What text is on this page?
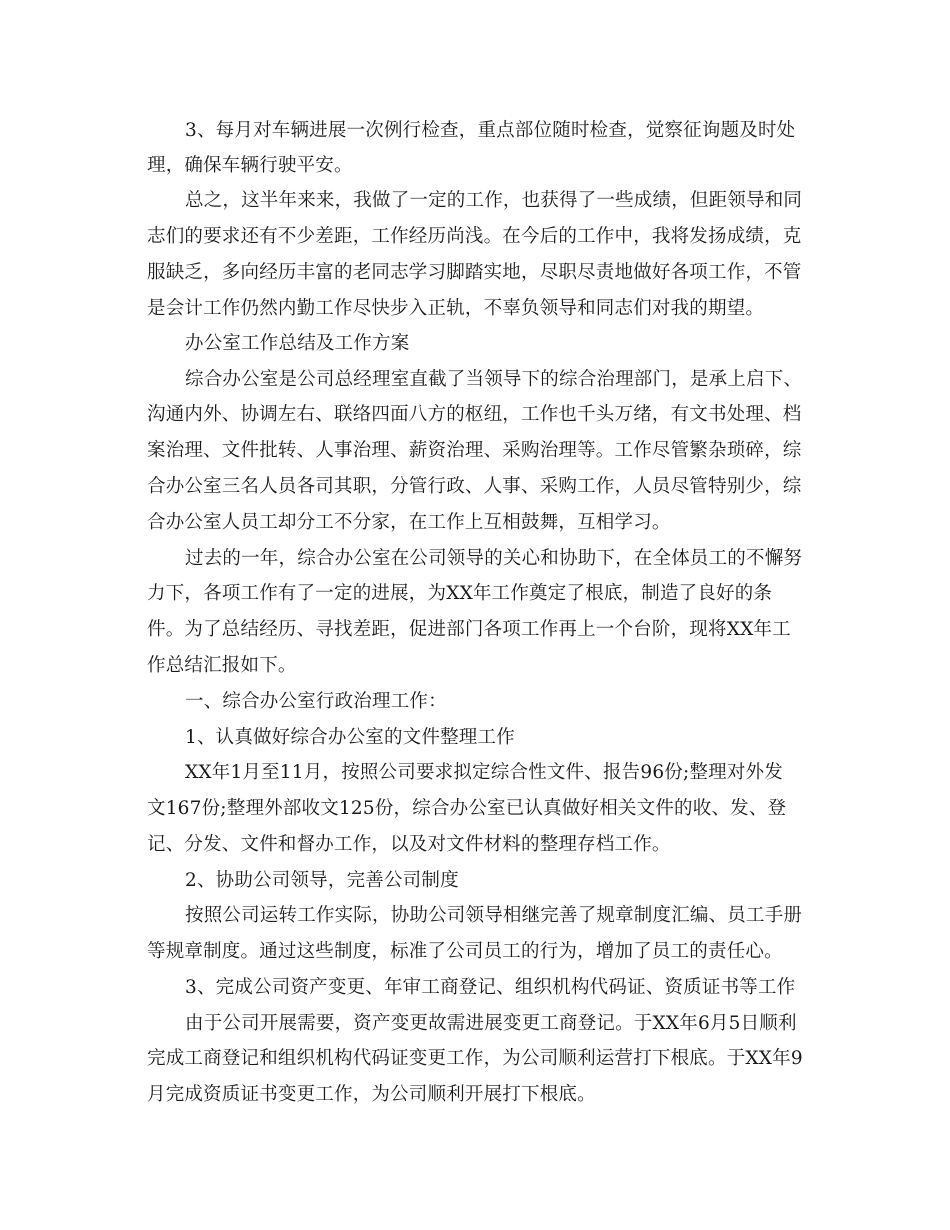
3、每月对车辆进展一次例行检查，重点部位随时检查，觉察征询题及时处
理，确保车辆行驶平安。
总之，这半年来来，我做了一定的工作，也获得了一些成绩，但距领导和同
志们的要求还有不少差距，工作经历尚浅。在今后的工作中，我将发扬成绩，克
服缺乏，多向经历丰富的老同志学习脚踏实地，尽职尽责地做好各项工作，不管
是会计工作仍然内勤工作尽快步入正轨，不辜负领导和同志们对我的期望。
办公室工作总结及工作方案
综合办公室是公司总经理室直截了当领导下的综合治理部门，是承上启下、
沟通内外、协调左右、联络四面八方的枢纽，工作也千头万绪，有文书处理、档
案治理、文件批转、人事治理、薪资治理、采购治理等。工作尽管繁杂琐碎，综
合办公室三名人员各司其职，分管行政、人事、采购工作，人员尽管特别少，综
合办公室人员工却分工不分家，在工作上互相鼓舞，互相学习。
过去的一年，综合办公室在公司领导的关心和协助下，在全体员工的不懈努
力下，各项工作有了一定的进展，为XX年工作奠定了根底，制造了良好的条
件。为了总结经历、寻找差距，促进部门各项工作再上一个台阶，现将XX年工
作总结汇报如下。
一、综合办公室行政治理工作：
1、认真做好综合办公室的文件整理工作
XX年1月至11月，按照公司要求拟定综合性文件、报告96份;整理对外发
文167份;整理外部收文125份，综合办公室已认真做好相关文件的收、发、登
记、分发、文件和督办工作，以及对文件材料的整理存档工作。
2、协助公司领导，完善公司制度
按照公司运转工作实际，协助公司领导相继完善了规章制度汇编、员工手册
等规章制度。通过这些制度，标准了公司员工的行为，增加了员工的责任心。
3、完成公司资产变更、年审工商登记、组织机构代码证、资质证书等工作
由于公司开展需要，资产变更故需进展变更工商登记。于XX年6月5日顺利
完成工商登记和组织机构代码证变更工作，为公司顺利运营打下根底。于XX年9
月完成资质证书变更工作，为公司顺利开展打下根底。
